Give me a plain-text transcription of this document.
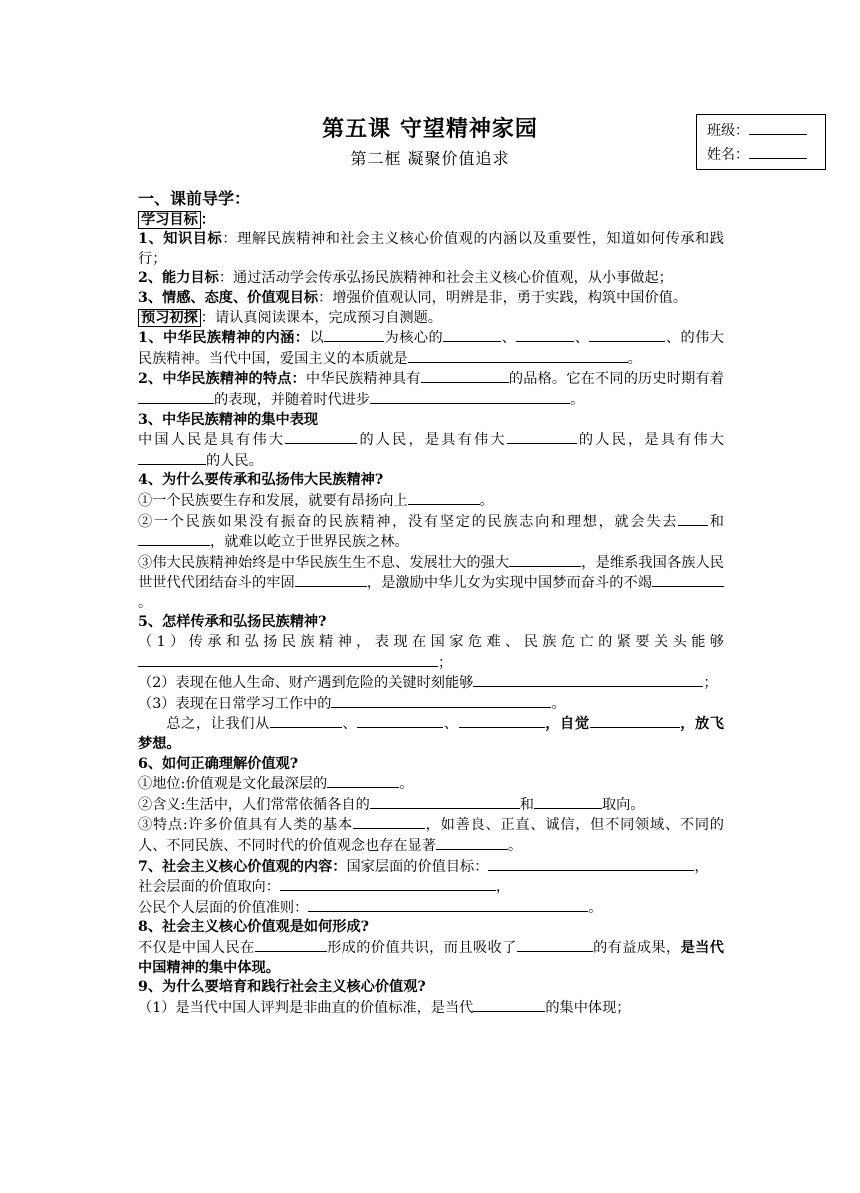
第五课 守望精神家园
第二框 凝聚价值追求
班级：
姓名：

一、课前导学：

学习目标 ：

1、知识目标：理解民族精神和社会主义核心价值观的内涵以及重要性，知道如何传承和践行；

2、能力目标：通过活动学会传承弘扬民族精神和社会主义核心价值观，从小事做起；

3、情感、态度、价值观目标：增强价值观认同，明辨是非，勇于实践，构筑中国价值。

预习初探 ：请认真阅读课本，完成预习自测题。

1、中华民族精神的内涵：以	为核心的	、	、	、的伟大民族精神。当代中国，爱国主义的本质就是	。

2、中华民族精神的特点：中华民族精神具有	的品格。它在不同的历史时期有着的表现，并随着时代进步	。

3、中华民族精神的集中表现

中国人民是具有伟大	的人民，是具有伟大	的人民，是具有伟大的人民。

4、为什么要传承和弘扬伟大民族精神?

①一个民族要生存和发展，就要有昂扬向上	。

②一个民族如果没有振奋的民族精神，没有坚定的民族志向和理想，就会失去 和，就难以屹立于世界民族之林。

③伟大民族精神始终是中华民族生生不息、发展壮大的强大	，是维系我国各族人民世世代代团结奋斗的牢固	，是激励中华儿女为实现中国梦而奋斗的不竭。

5、怎样传承和弘扬民族精神?

（1）传承和弘扬民族精神，表现在国家危难、民族危亡的紧要关头能够；

（2）表现在他人生命、财产遇到危险的关键时刻能够	；

（3）表现在日常学习工作中的	。

总之，让我们从	、	、	，自觉	，放飞梦想。

6、如何正确理解价值观?

①地位:价值观是文化最深层的	。

②含义:生活中，人们常常依循各自的	和	取向。

③特点:许多价值具有人类的基本	，如善良、正直、诚信，但不同领域、不同的人、不同民族、不同时代的价值观念也存在显著	。

7、社会主义核心价值观的内容：国家层面的价值目标：	，

社会层面的价值取向：	，

公民个人层面的价值准则：	。

8、社会主义核心价值观是如何形成?

不仅是中国人民在	形成的价值共识，而且吸收了	的有益成果，是当代中国精神的集中体现。

9、为什么要培育和践行社会主义核心价值观?

（1）是当代中国人评判是非曲直的价值标准，是当代	的集中体现；
